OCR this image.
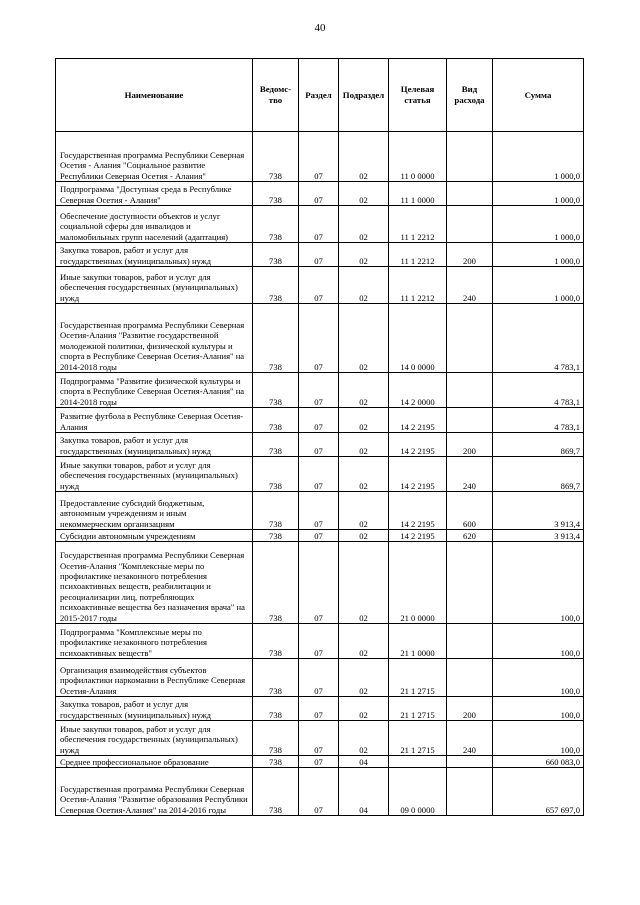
40
Наименование	Ведомс-тво	Раздел	Подраздел	Целевая статья	Вид расхода	Сумма
Государственная программа Республики Северная Осетия - Алания "Социальное развитие Республики Северная Осетия - Алания"	738	07	02	11 0 0000		1 000,0
Подпрограмма "Доступная среда в Республике Северная Осетия - Алания"	738	07	02	11 1 0000		1 000,0
Обеспечение доступности объектов и услуг социальной сферы для инвалидов и маломобильных групп населений (адаптация)	738	07	02	11 1 2212		1 000,0
Закупка товаров, работ и услуг для государственных (муниципальных) нужд	738	07	02	11 1 2212	200	1 000,0
Иные закупки товаров, работ и услуг для обеспечения государственных (муниципальных) нужд	738	07	02	11 1 2212	240	1 000,0
Государственная программа Республики Северная Осетия-Алания "Развитие государственной молодежной политики, физической культуры и спорта в Республике Северная Осетия-Алания" на 2014-2018 годы	738	07	02	14 0 0000		4 783,1
Подпрограмма "Развитие физической культуры и спорта в Республике Северная Осетия-Алания" на 2014-2018 годы	738	07	02	14 2 0000		4 783,1
Развитие футбола в Республике Северная Осетия-Алания	738	07	02	14 2 2195		4 783,1
Закупка товаров, работ и услуг для государственных (муниципальных) нужд	738	07	02	14 2 2195	200	869,7
Иные закупки товаров, работ и услуг для обеспечения государственных (муниципальных) нужд	738	07	02	14 2 2195	240	869,7
Предоставление субсидий бюджетным, автономным учреждениям и иным некоммерческим организациям	738	07	02	14 2 2195	600	3 913,4
Субсидии автономным учреждениям	738	07	02	14 2 2195	620	3 913,4
Государственная программа Республики Северная Осетия-Алания "Комплексные меры по профилактике незаконного потребления психоактивных веществ, реабилитации и ресоциализации лиц, потребляющих психоактивные вещества без назначения врача" на 2015-2017 годы	738	07	02	21 0 0000		100,0
Подпрограмма "Комплексные меры по профилактике незаконного потребления психоактивных веществ"	738	07	02	21 1 0000		100,0
Организация взаимодействия субъектов профилактики наркомании в Республике Северная Осетия-Алания	738	07	02	21 1 2715		100,0
Закупка товаров, работ и услуг для государственных (муниципальных) нужд	738	07	02	21 1 2715	200	100,0
Иные закупки товаров, работ и услуг для обеспечения государственных (муниципальных) нужд	738	07	02	21 1 2715	240	100,0
Среднее профессиональное образование	738	07	04			660 083,0
Государственная программа Республики Северная Осетия-Алания "Развитие образования Республики Северная Осетия-Алания" на 2014-2016 годы	738	07	04	09 0 0000		657 697,0
